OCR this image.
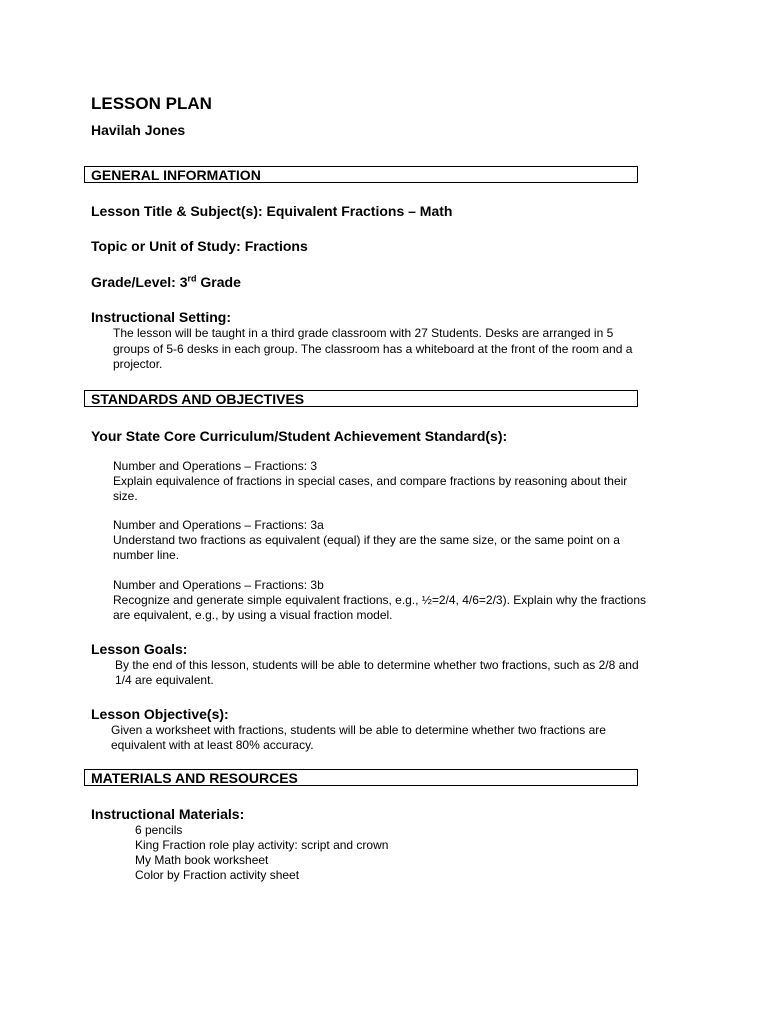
LESSON PLAN
Havilah Jones
GENERAL INFORMATION
Lesson Title & Subject(s): Equivalent Fractions – Math
Topic or Unit of Study: Fractions
Grade/Level: 3rd Grade
Instructional Setting:
The lesson will be taught in a third grade classroom with 27 Students. Desks are arranged in 5
groups of 5-6 desks in each group. The classroom has a whiteboard at the front of the room and a
projector.
STANDARDS AND OBJECTIVES
Your State Core Curriculum/Student Achievement Standard(s):
Number and Operations – Fractions: 3
Explain equivalence of fractions in special cases, and compare fractions by reasoning about their
size.
Number and Operations – Fractions: 3a
Understand two fractions as equivalent (equal) if they are the same size, or the same point on a
number line.
Number and Operations – Fractions: 3b
Recognize and generate simple equivalent fractions, e.g., ½=2/4, 4/6=2/3). Explain why the fractions
are equivalent, e.g., by using a visual fraction model.
Lesson Goals:
By the end of this lesson, students will be able to determine whether two fractions, such as 2/8 and
1/4 are equivalent.
Lesson Objective(s):
Given a worksheet with fractions, students will be able to determine whether two fractions are
equivalent with at least 80% accuracy.
MATERIALS AND RESOURCES
Instructional Materials:
6 pencils
King Fraction role play activity: script and crown
My Math book worksheet
Color by Fraction activity sheet
